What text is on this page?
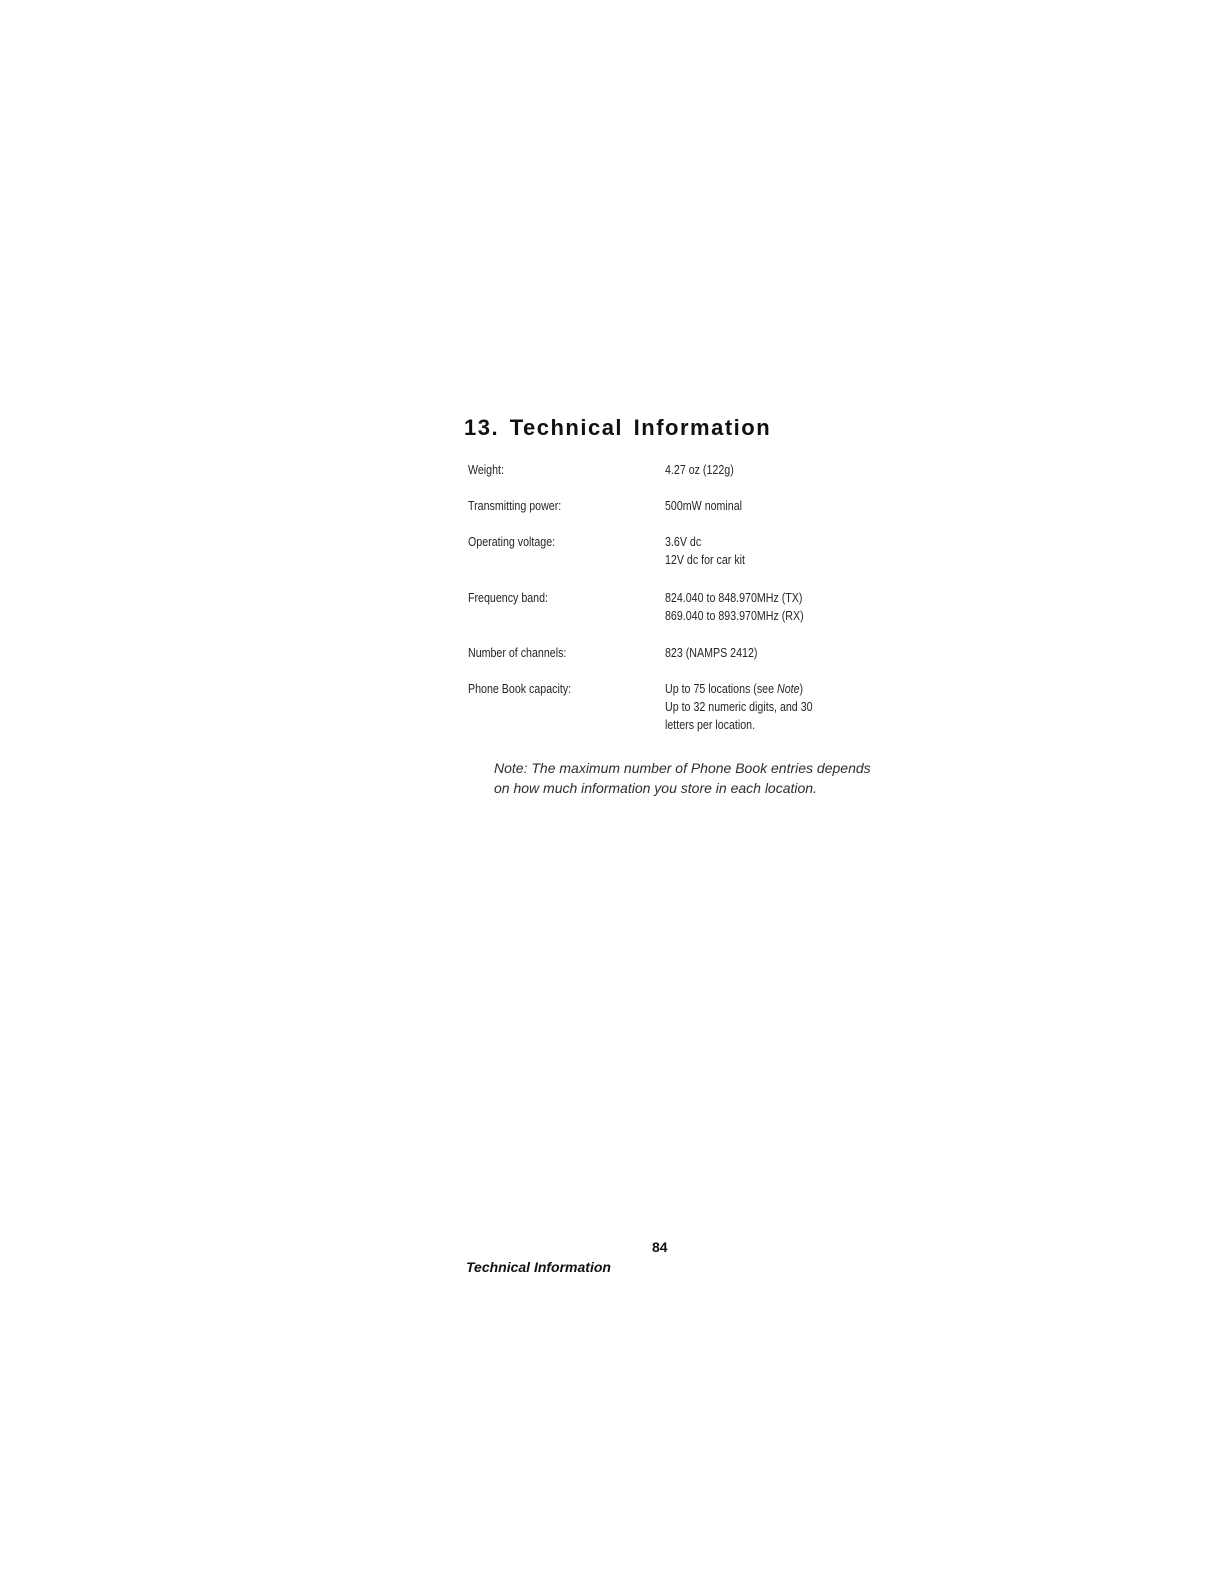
13. Technical Information
Weight:	4.27 oz (122g)
Transmitting power:	500mW nominal
Operating voltage:	3.6V dc
12V dc for car kit
Frequency band:	824.040 to 848.970MHz (TX)
869.040 to 893.970MHz (RX)
Number of channels:	823 (NAMPS 2412)
Phone Book capacity:	Up to 75 locations (see Note)
Up to 32 numeric digits, and 30
letters per location.

Note: The maximum number of Phone Book entries depends on how much information you store in each location.

84
Technical Information
